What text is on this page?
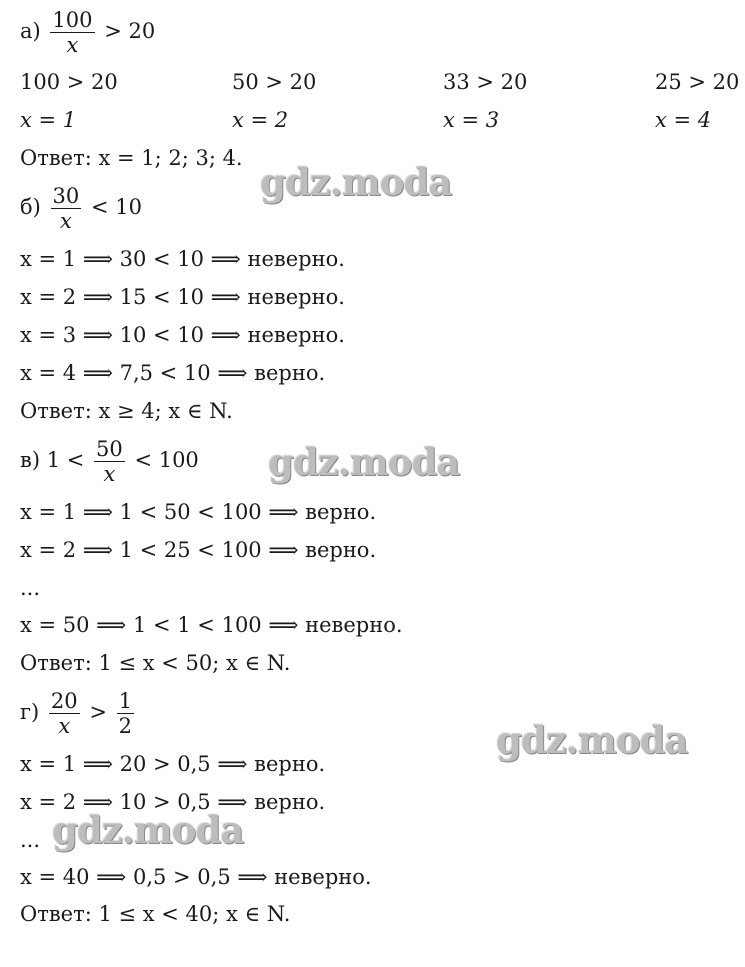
$а) \frac{100}{x} > 20$
100 > 20	50 > 20	33 > 20	25 > 20
x = 1	x = 2	x = 3	x = 4
Ответ: x = 1; 2; 3; 4.
$б) \frac{30}{x} < 10$
x = 1 ⟹ 30 < 10 ⟹ неверно.
x = 2 ⟹ 15 < 10 ⟹ неверно.
x = 3 ⟹ 10 < 10 ⟹ неверно.
x = 4 ⟹ 7,5 < 10 ⟹ верно.
Ответ: x ≥ 4; x ∈ N.
в) $1 < \frac{50}{x} < 100$
x = 1 ⟹ 1 < 50 < 100 ⟹ верно.
x = 2 ⟹ 1 < 25 < 100 ⟹ верно.
...
x = 50 ⟹ 1 < 1 < 100 ⟹ неверно.
Ответ: 1 ≤ x < 50; x ∈ N.
$г) \frac{20}{x} > \frac{1}{2}$
x = 1 ⟹ 20 > 0,5 ⟹ верно.
x = 2 ⟹ 10 > 0,5 ⟹ верно.
...
x = 40 ⟹ 0,5 > 0,5 ⟹ неверно.
Ответ: 1 ≤ x < 40; x ∈ N.
gdz.moda
gdz.moda
gdz.moda
gdz.moda
